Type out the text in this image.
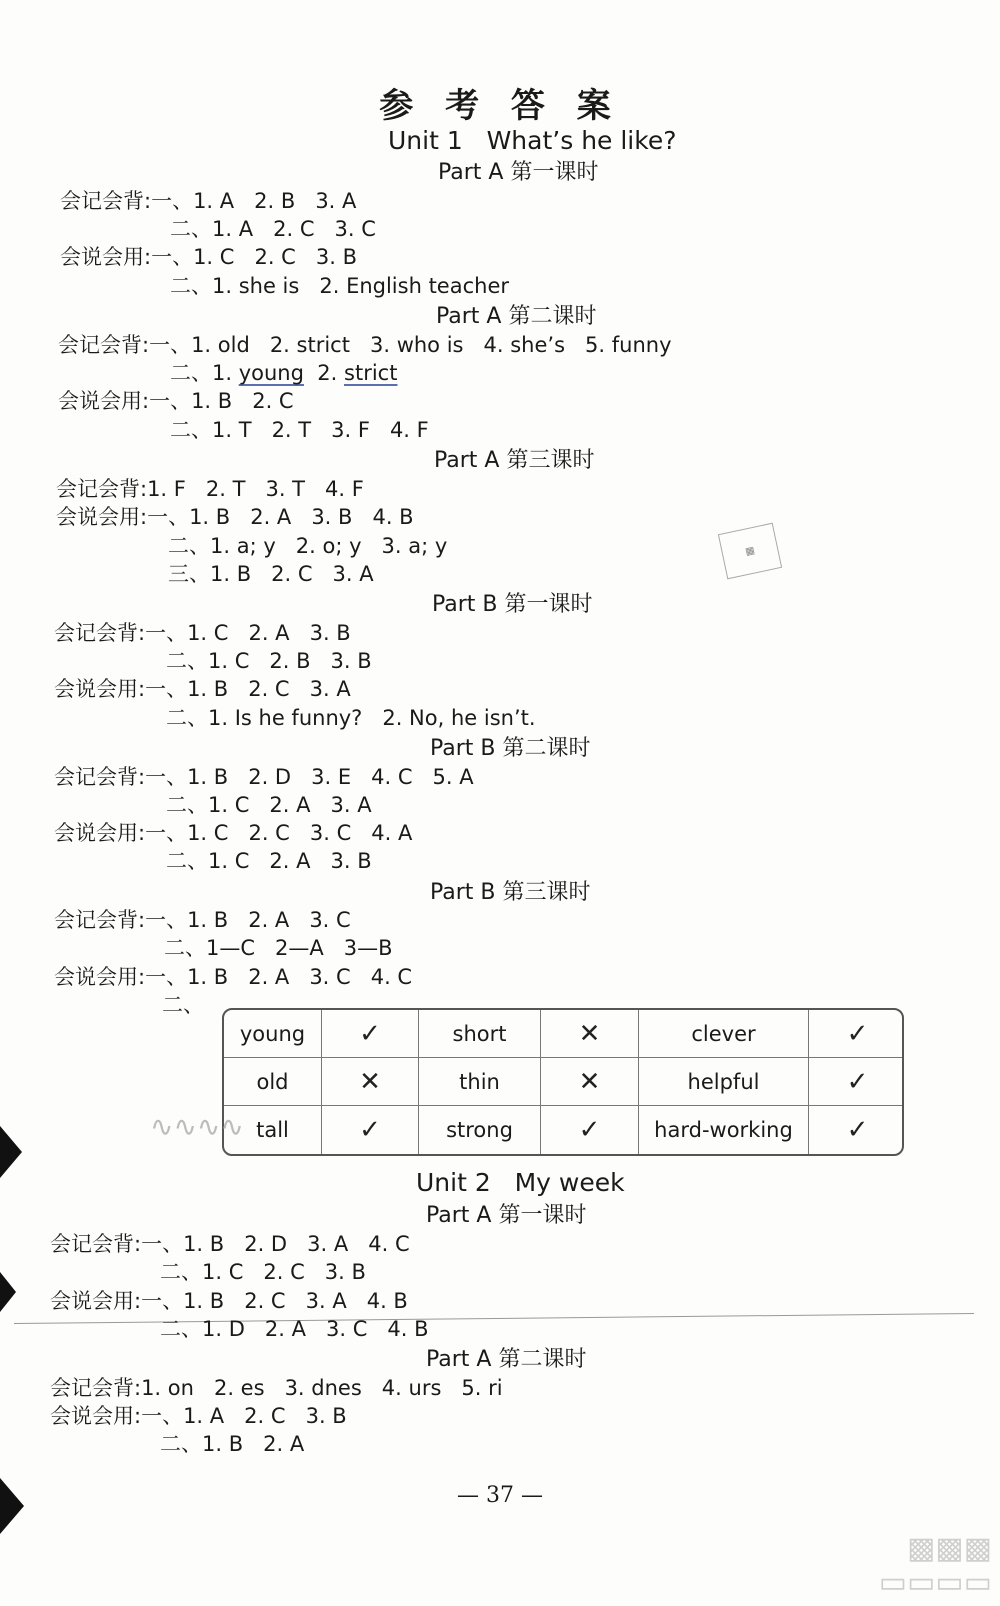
参 考 答 案
Unit 1   What’s he like?
Part A 第一课时
会记会背:一、1. A   2. B   3. A
二、1. A   2. C   3. C
会说会用:一、1. C   2. C   3. B
二、1. she is   2. English teacher
Part A 第二课时
会记会背:一、1. old   2. strict   3. who is   4. she’s   5. funny
二、1. young  2. strict
会说会用:一、1. B   2. C
二、1. T   2. T   3. F   4. F
Part A 第三课时
会记会背:1. F   2. T   3. T   4. F
会说会用:一、1. B   2. A   3. B   4. B
二、1. a; y   2. o; y   3. a; y
三、1. B   2. C   3. A
▦
Part B 第一课时
会记会背:一、1. C   2. A   3. B
二、1. C   2. B   3. B
会说会用:一、1. B   2. C   3. A
二、1. Is he funny?   2. No, he isn’t.
Part B 第二课时
会记会背:一、1. B   2. D   3. E   4. C   5. A
二、1. C   2. A   3. A
会说会用:一、1. C   2. C   3. C   4. A
二、1. C   2. A   3. B
Part B 第三课时
会记会背:一、1. B   2. A   3. C
二、1—C   2—A   3—B
会说会用:一、1. B   2. A   3. C   4. C
二、
young	✓	short	✕	clever	✓
old	✕	thin	✕	helpful	✓
tall	✓	strong	✓	hard-working	✓
∿∿∿∿
Unit 2   My week
Part A 第一课时
会记会背:一、1. B   2. D   3. A   4. C
二、1. C   2. C   3. B
会说会用:一、1. B   2. C   3. A   4. B
二、1. D   2. A   3. C   4. B
Part A 第二课时
会记会背:1. on   2. es   3. dnes   4. urs   5. ri
会说会用:一、1. A   2. C   3. B
二、1. B   2. A
— 37 —
▩▩▩
▭▭▭▭
